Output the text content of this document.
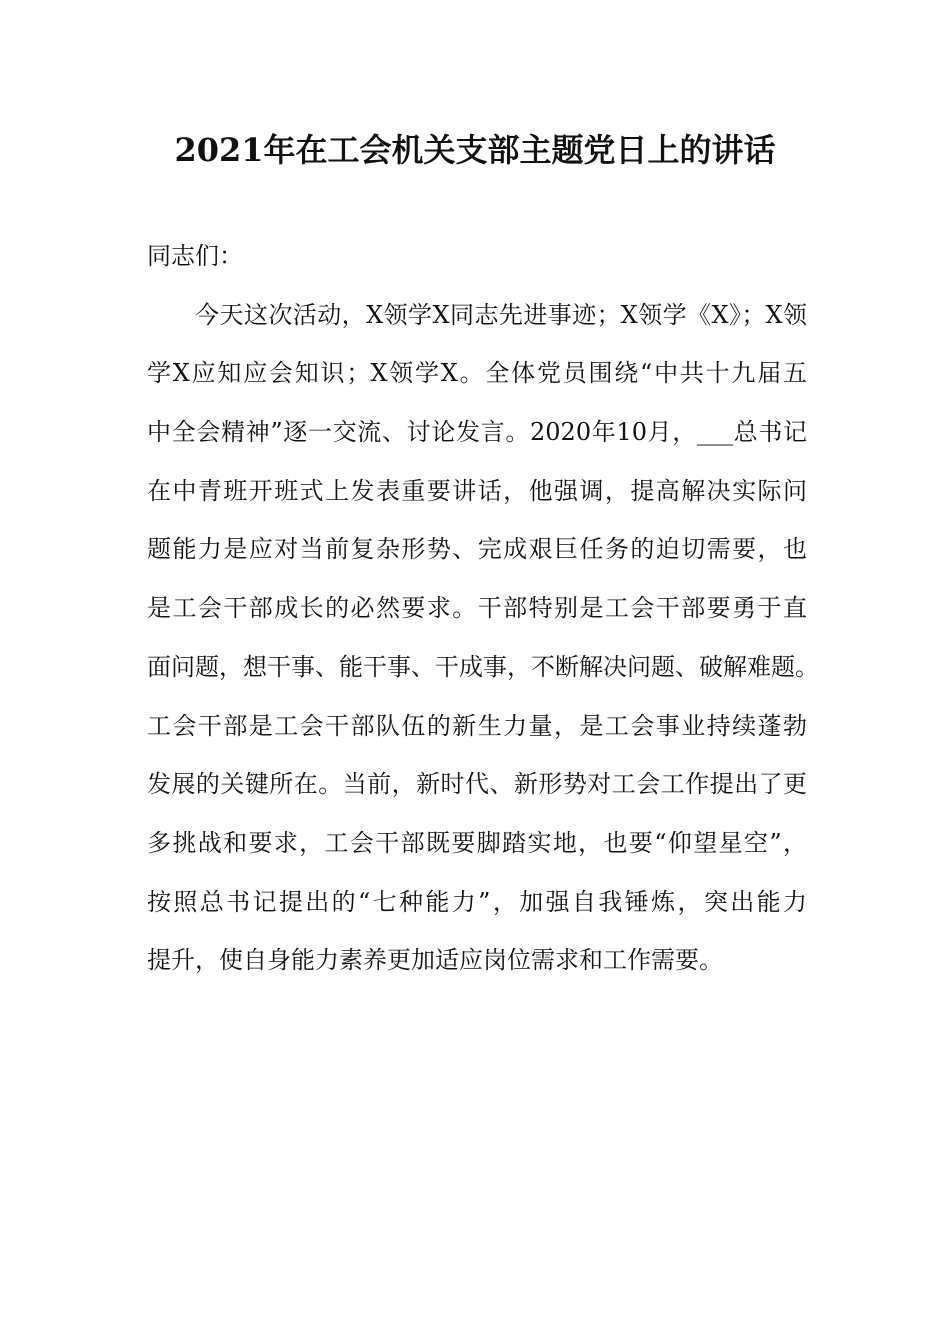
2021年在工会机关支部主题党日上的讲话
同志们：
今天这次活动，X领学X同志先进事迹；X领学《X》；X领
学X应知应会知识；X领学X。全体党员围绕“中共十九届五
中全会精神”逐一交流、讨论发言。2020年10月，___总书记
在中青班开班式上发表重要讲话，他强调，提高解决实际问
题能力是应对当前复杂形势、完成艰巨任务的迫切需要，也
是工会干部成长的必然要求。干部特别是工会干部要勇于直
面问题，想干事、能干事、干成事，不断解决问题、破解难题。
工会干部是工会干部队伍的新生力量，是工会事业持续蓬勃
发展的关键所在。当前，新时代、新形势对工会工作提出了更
多挑战和要求，工会干部既要脚踏实地，也要“仰望星空”，
按照总书记提出的“七种能力”，加强自我锤炼，突出能力
提升，使自身能力素养更加适应岗位需求和工作需要。
